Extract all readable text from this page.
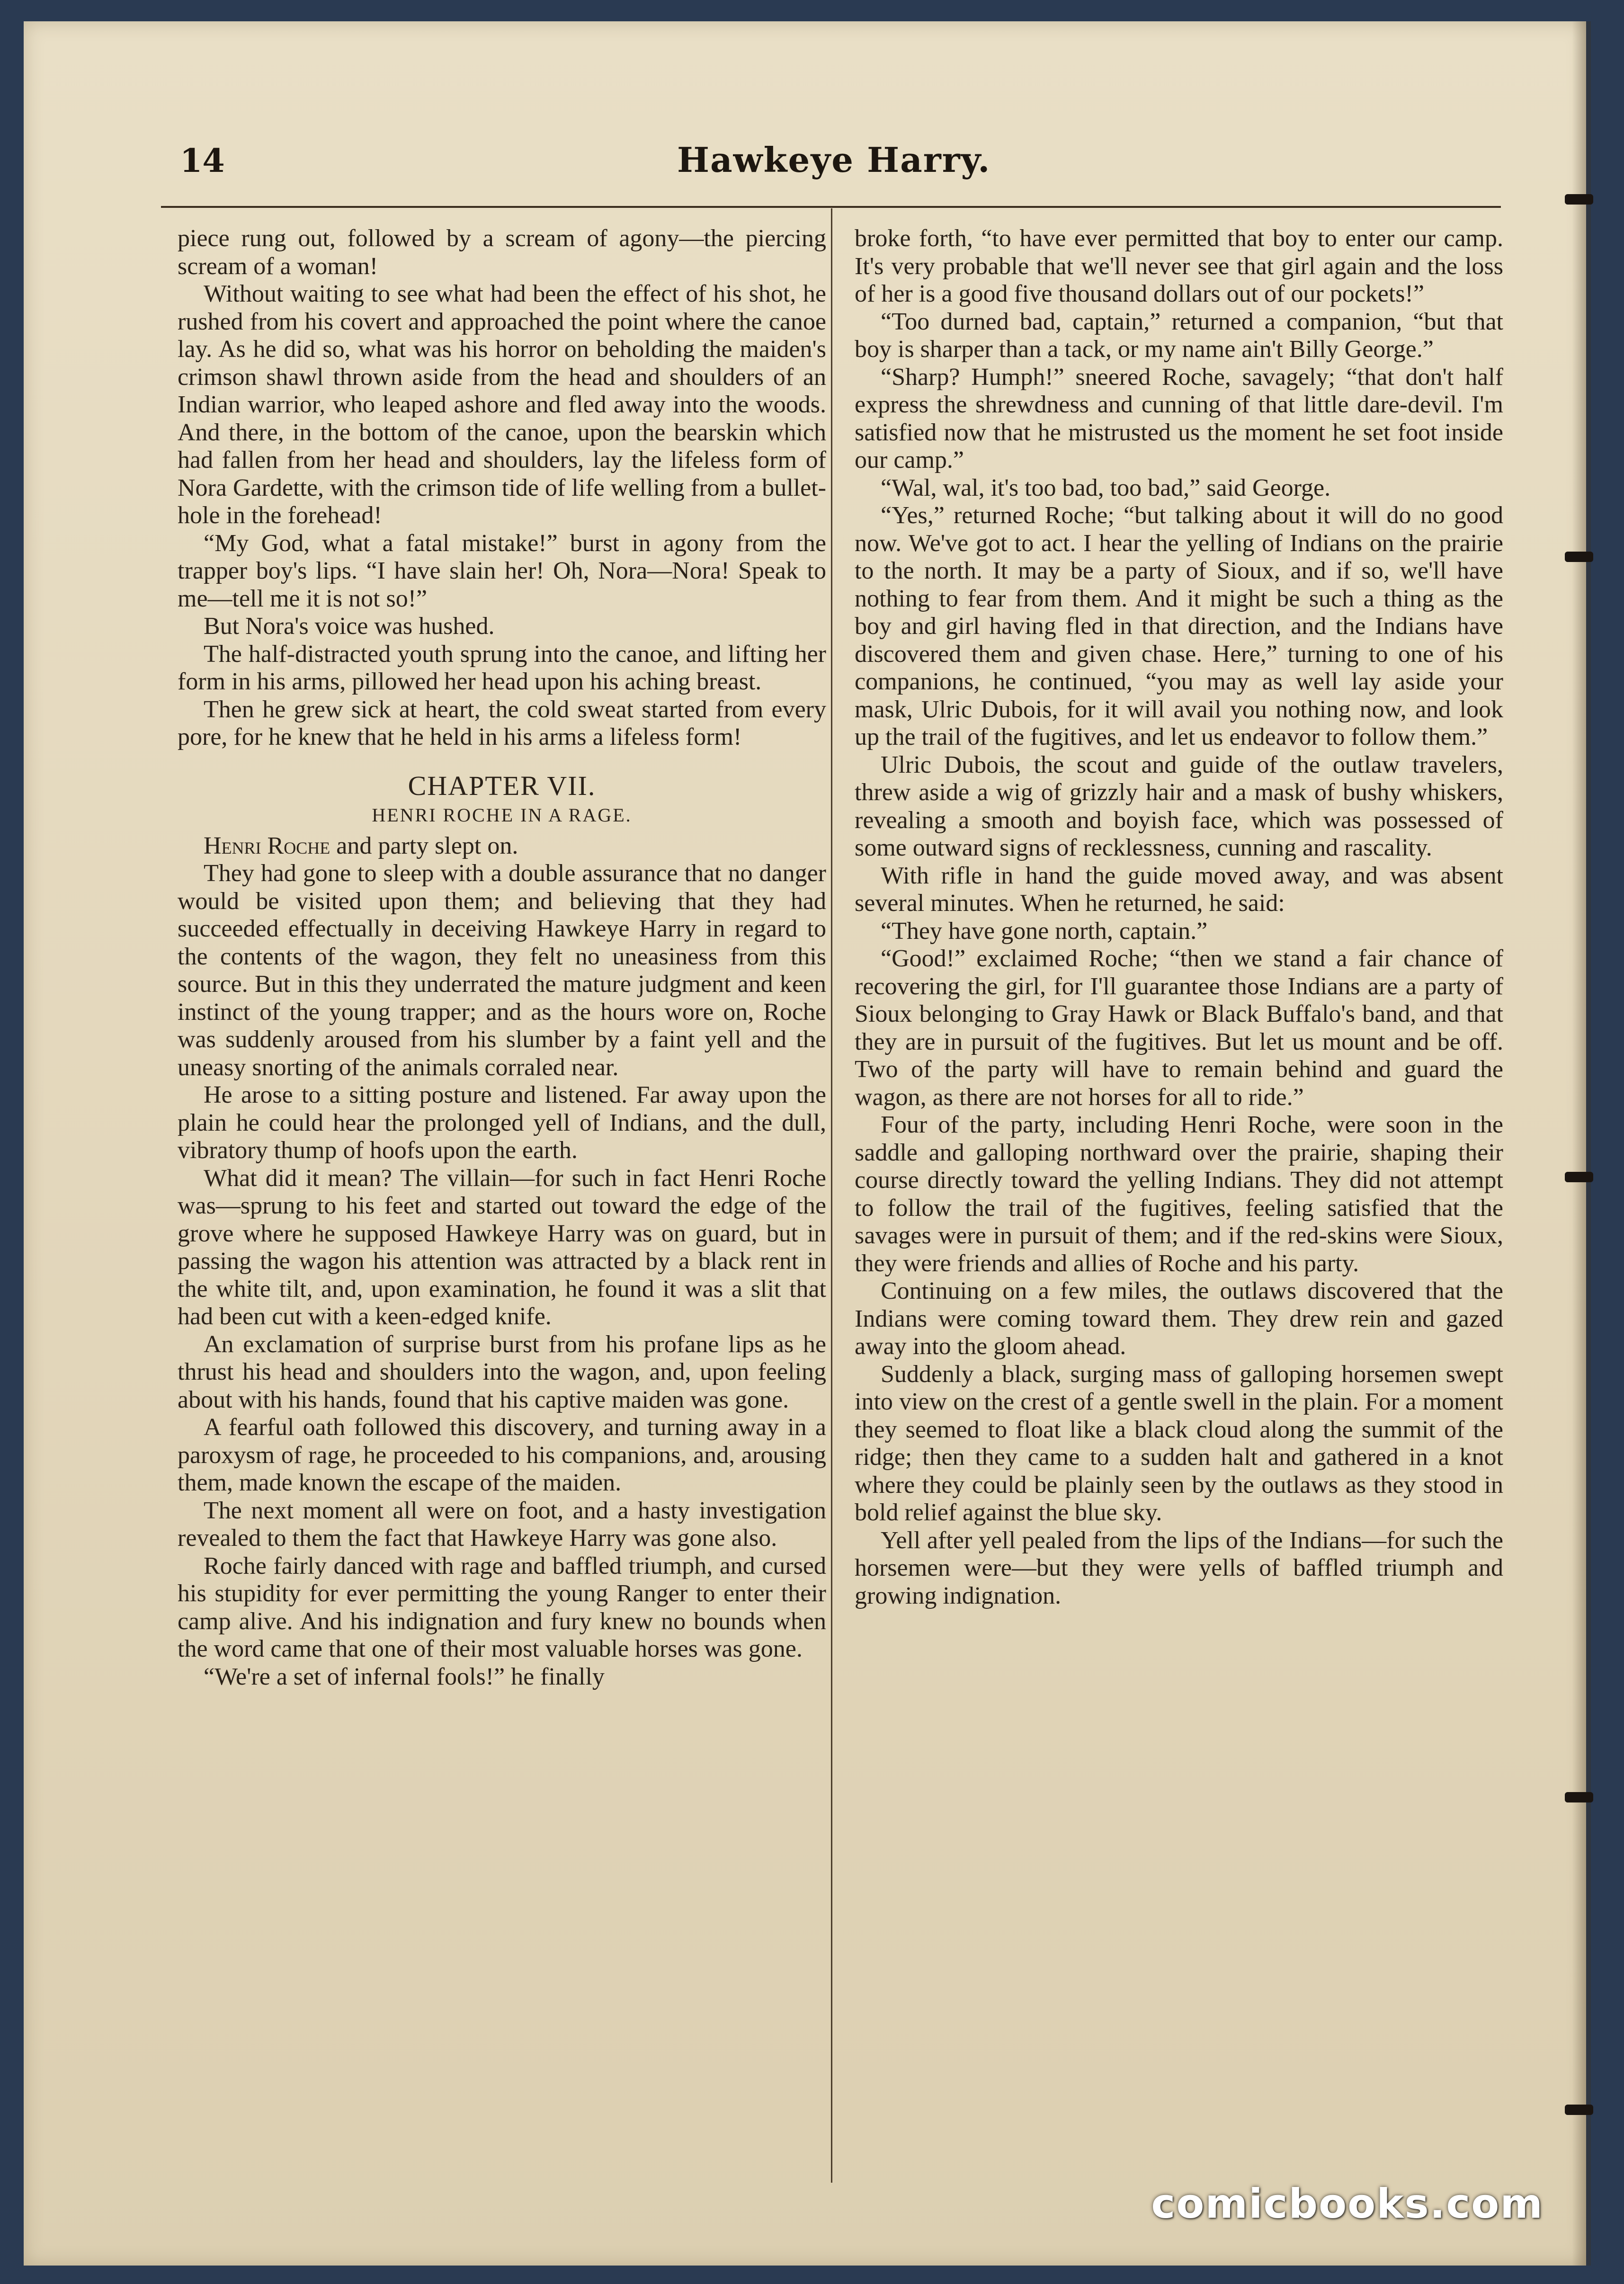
14	Hawkeye Harry.

piece rung out, followed by a scream of agony—the piercing scream of a woman!

Without waiting to see what had been the effect of his shot, he rushed from his covert and approached the point where the canoe lay. As he did so, what was his horror on beholding the maiden's crimson shawl thrown aside from the head and shoulders of an Indian warrior, who leaped ashore and fled away into the woods. And there, in the bottom of the canoe, upon the bearskin which had fallen from her head and shoulders, lay the lifeless form of Nora Gardette, with the crimson tide of life welling from a bullet-hole in the forehead!

“My God, what a fatal mistake!” burst in agony from the trapper boy's lips. “I have slain her! Oh, Nora—Nora! Speak to me—tell me it is not so!”

But Nora's voice was hushed.

The half-distracted youth sprung into the canoe, and lifting her form in his arms, pillowed her head upon his aching breast.

Then he grew sick at heart, the cold sweat started from every pore, for he knew that he held in his arms a lifeless form!

CHAPTER VII.
HENRI ROCHE IN A RAGE.

Henri Roche and party slept on.

They had gone to sleep with a double assurance that no danger would be visited upon them; and believing that they had succeeded effectually in deceiving Hawkeye Harry in regard to the contents of the wagon, they felt no uneasiness from this source. But in this they underrated the mature judgment and keen instinct of the young trapper; and as the hours wore on, Roche was suddenly aroused from his slumber by a faint yell and the uneasy snorting of the animals corraled near.

He arose to a sitting posture and listened. Far away upon the plain he could hear the prolonged yell of Indians, and the dull, vibratory thump of hoofs upon the earth.

What did it mean? The villain—for such in fact Henri Roche was—sprung to his feet and started out toward the edge of the grove where he supposed Hawkeye Harry was on guard, but in passing the wagon his attention was attracted by a black rent in the white tilt, and, upon examination, he found it was a slit that had been cut with a keen-edged knife.

An exclamation of surprise burst from his profane lips as he thrust his head and shoulders into the wagon, and, upon feeling about with his hands, found that his captive maiden was gone.

A fearful oath followed this discovery, and turning away in a paroxysm of rage, he proceeded to his companions, and, arousing them, made known the escape of the maiden.

The next moment all were on foot, and a hasty investigation revealed to them the fact that Hawkeye Harry was gone also.

Roche fairly danced with rage and baffled triumph, and cursed his stupidity for ever permitting the young Ranger to enter their camp alive. And his indignation and fury knew no bounds when the word came that one of their most valuable horses was gone.

“We're a set of infernal fools!” he finally

broke forth, “to have ever permitted that boy to enter our camp. It's very probable that we'll never see that girl again and the loss of her is a good five thousand dollars out of our pockets!”

“Too durned bad, captain,” returned a companion, “but that boy is sharper than a tack, or my name ain't Billy George.”

“Sharp? Humph!” sneered Roche, savagely; “that don't half express the shrewdness and cunning of that little dare-devil. I'm satisfied now that he mistrusted us the moment he set foot inside our camp.”

“Wal, wal, it's too bad, too bad,” said George.

“Yes,” returned Roche; “but talking about it will do no good now. We've got to act. I hear the yelling of Indians on the prairie to the north. It may be a party of Sioux, and if so, we'll have nothing to fear from them. And it might be such a thing as the boy and girl having fled in that direction, and the Indians have discovered them and given chase. Here,” turning to one of his companions, he continued, “you may as well lay aside your mask, Ulric Dubois, for it will avail you nothing now, and look up the trail of the fugitives, and let us endeavor to follow them.”

Ulric Dubois, the scout and guide of the outlaw travelers, threw aside a wig of grizzly hair and a mask of bushy whiskers, revealing a smooth and boyish face, which was possessed of some outward signs of recklessness, cunning and rascality.

With rifle in hand the guide moved away, and was absent several minutes. When he returned, he said:

“They have gone north, captain.”

“Good!” exclaimed Roche; “then we stand a fair chance of recovering the girl, for I'll guarantee those Indians are a party of Sioux belonging to Gray Hawk or Black Buffalo's band, and that they are in pursuit of the fugitives. But let us mount and be off. Two of the party will have to remain behind and guard the wagon, as there are not horses for all to ride.”

Four of the party, including Henri Roche, were soon in the saddle and galloping northward over the prairie, shaping their course directly toward the yelling Indians. They did not attempt to follow the trail of the fugitives, feeling satisfied that the savages were in pursuit of them; and if the red-skins were Sioux, they were friends and allies of Roche and his party.

Continuing on a few miles, the outlaws discovered that the Indians were coming toward them. They drew rein and gazed away into the gloom ahead.

Suddenly a black, surging mass of galloping horsemen swept into view on the crest of a gentle swell in the plain. For a moment they seemed to float like a black cloud along the summit of the ridge; then they came to a sudden halt and gathered in a knot where they could be plainly seen by the outlaws as they stood in bold relief against the blue sky.

Yell after yell pealed from the lips of the Indians—for such the horsemen were—but they were yells of baffled triumph and growing indignation.

comicbooks.com
